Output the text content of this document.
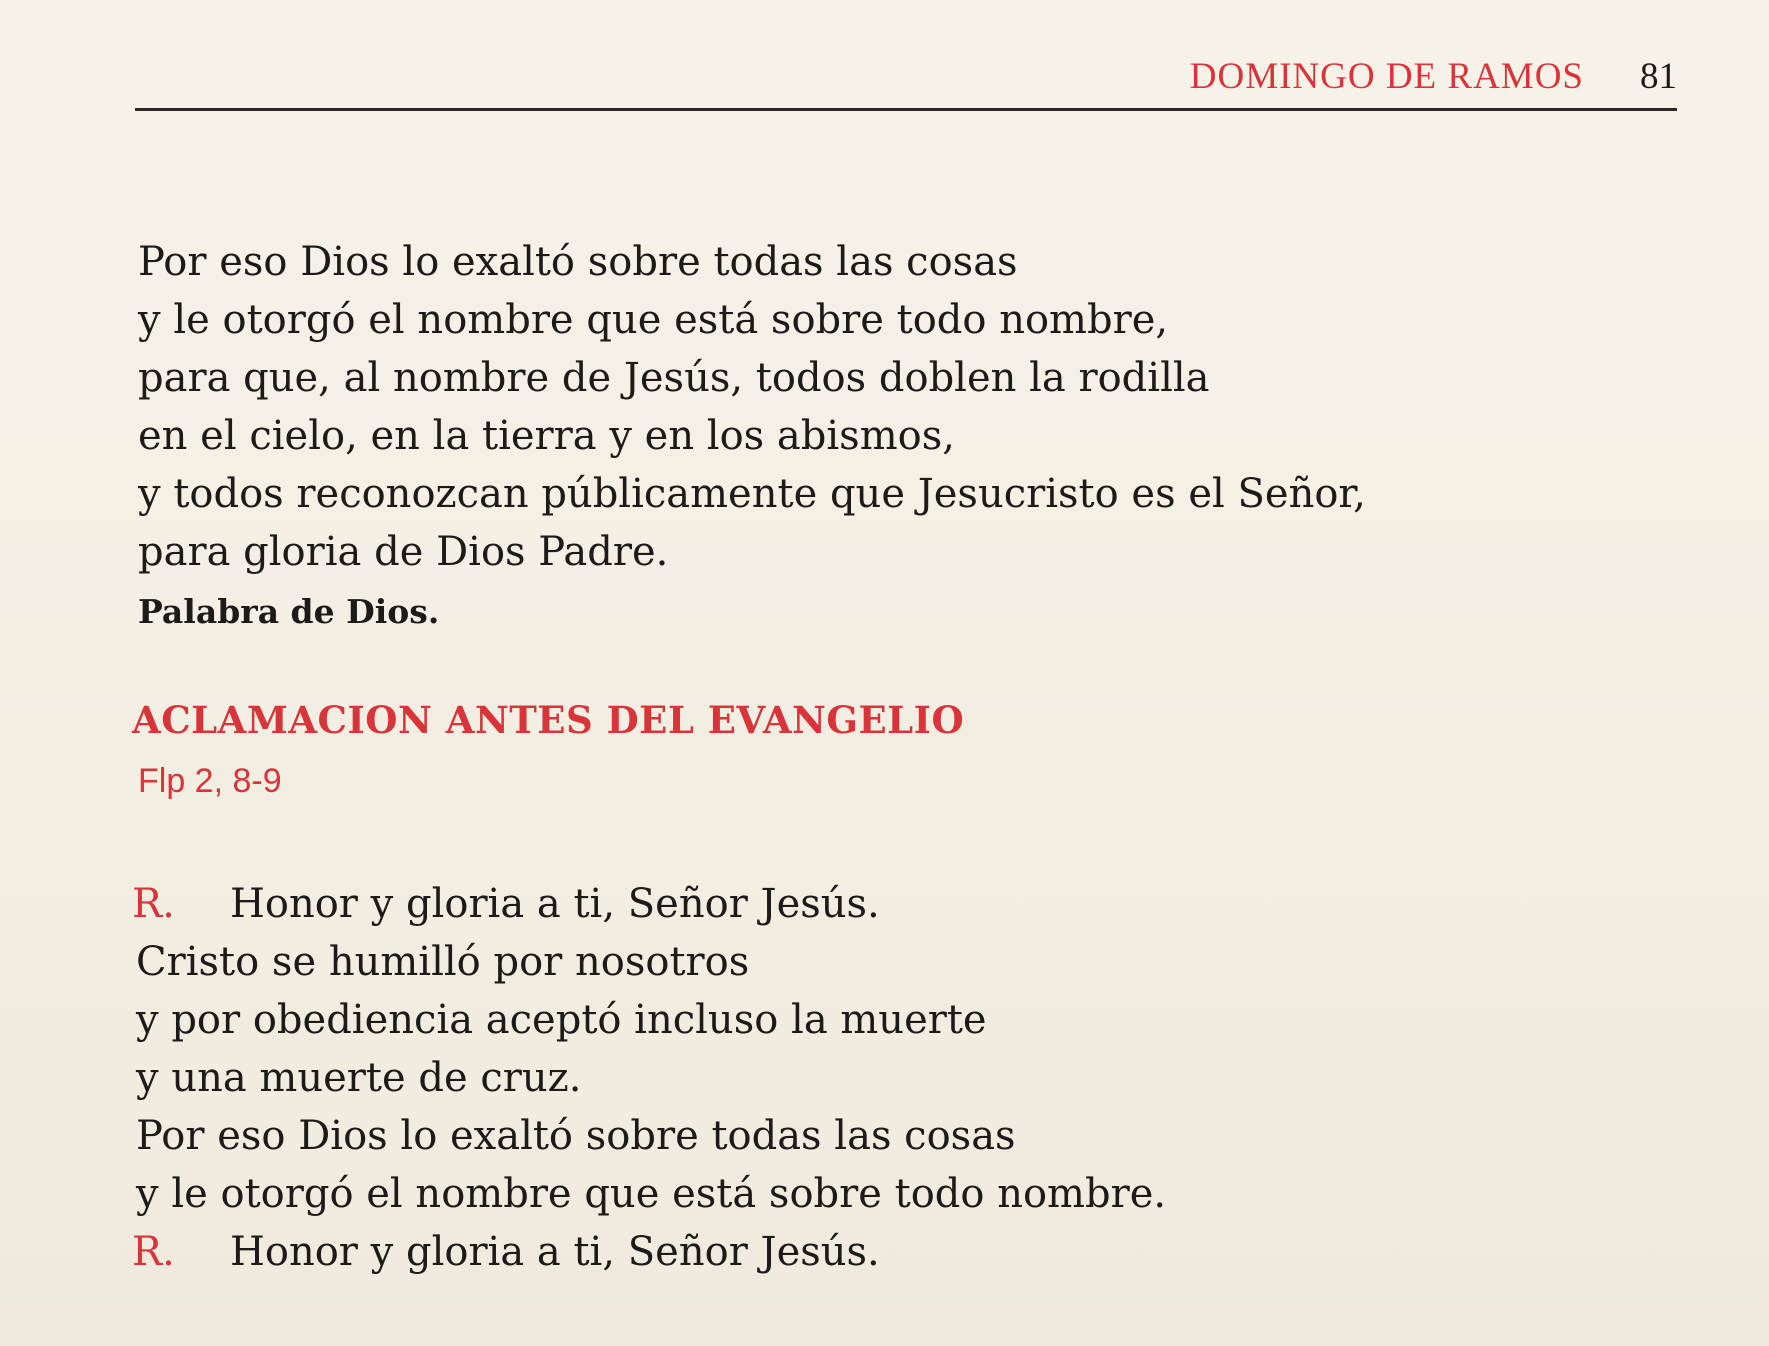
DOMINGO DE RAMOS 81
Por eso Dios lo exaltó sobre todas las cosas
y le otorgó el nombre que está sobre todo nombre,
para que, al nombre de Jesús, todos doblen la rodilla
en el cielo, en la tierra y en los abismos,
y todos reconozcan públicamente que Jesucristo es el Señor,
para gloria de Dios Padre.
Palabra de Dios.
ACLAMACION ANTES DEL EVANGELIO
Flp 2, 8-9
R.	Honor y gloria a ti, Señor Jesús.
Cristo se humilló por nosotros
y por obediencia aceptó incluso la muerte
y una muerte de cruz.
Por eso Dios lo exaltó sobre todas las cosas
y le otorgó el nombre que está sobre todo nombre.
R.	Honor y gloria a ti, Señor Jesús.
